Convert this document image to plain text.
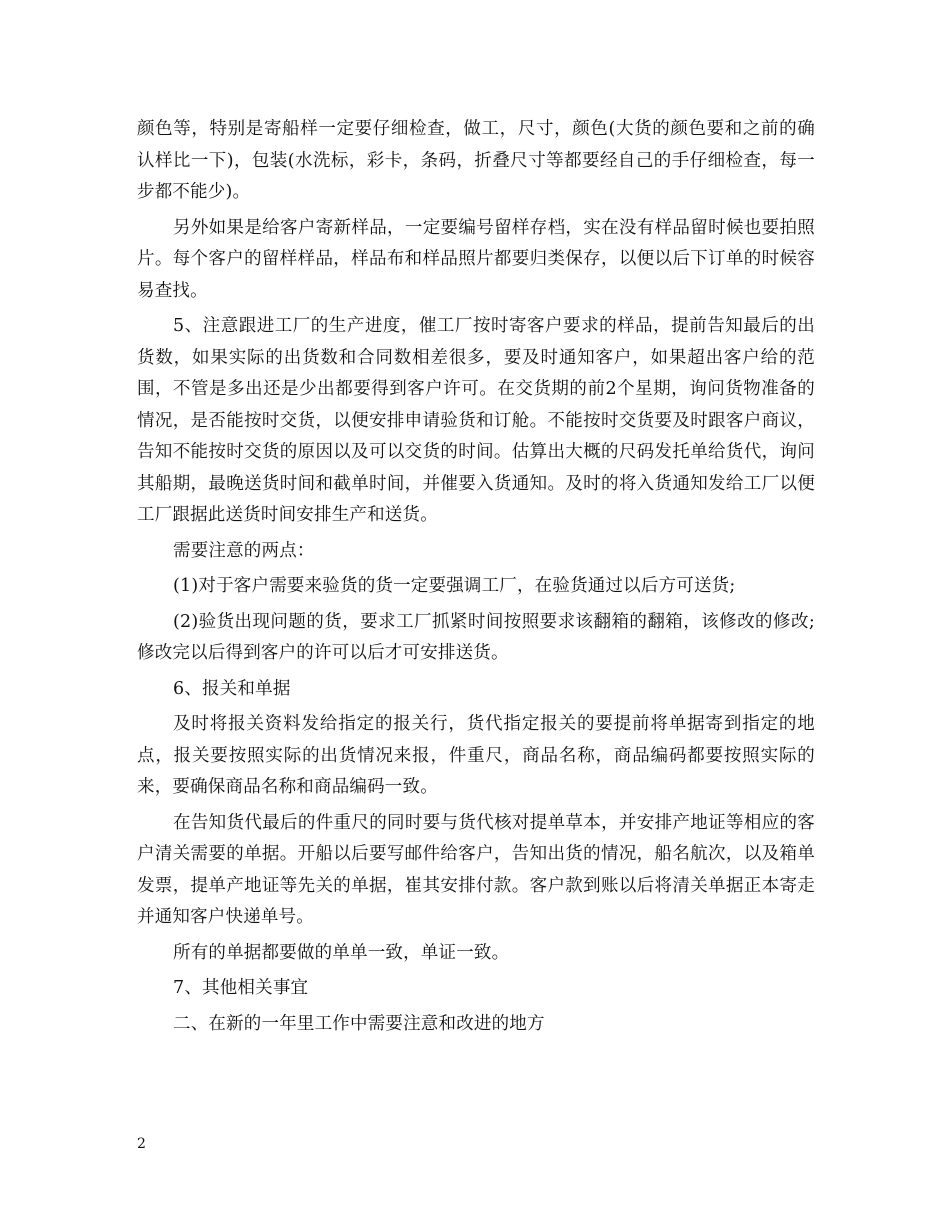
颜色等，特别是寄船样一定要仔细检查，做工，尺寸，颜色(大货的颜色要和之前的确认样比一下)，包装(水洗标，彩卡，条码，折叠尺寸等都要经自己的手仔细检查，每一步都不能少)。

另外如果是给客户寄新样品，一定要编号留样存档，实在没有样品留时候也要拍照片。每个客户的留样样品，样品布和样品照片都要归类保存，以便以后下订单的时候容易查找。

5、注意跟进工厂的生产进度，催工厂按时寄客户要求的样品，提前告知最后的出货数，如果实际的出货数和合同数相差很多，要及时通知客户，如果超出客户给的范围，不管是多出还是少出都要得到客户许可。在交货期的前2个星期，询问货物准备的情况，是否能按时交货，以便安排申请验货和订舱。不能按时交货要及时跟客户商议，告知不能按时交货的原因以及可以交货的时间。估算出大概的尺码发托单给货代，询问其船期，最晚送货时间和截单时间，并催要入货通知。及时的将入货通知发给工厂以便工厂跟据此送货时间安排生产和送货。

需要注意的两点：

(1)对于客户需要来验货的货一定要强调工厂，在验货通过以后方可送货;

(2)验货出现问题的货，要求工厂抓紧时间按照要求该翻箱的翻箱，该修改的修改;修改完以后得到客户的许可以后才可安排送货。

6、报关和单据

及时将报关资料发给指定的报关行，货代指定报关的要提前将单据寄到指定的地点，报关要按照实际的出货情况来报，件重尺，商品名称，商品编码都要按照实际的来，要确保商品名称和商品编码一致。

在告知货代最后的件重尺的同时要与货代核对提单草本，并安排产地证等相应的客户清关需要的单据。开船以后要写邮件给客户，告知出货的情况，船名航次，以及箱单发票，提单产地证等先关的单据，崔其安排付款。客户款到账以后将清关单据正本寄走并通知客户快递单号。

所有的单据都要做的单单一致，单证一致。

7、其他相关事宜

二、在新的一年里工作中需要注意和改进的地方

2
